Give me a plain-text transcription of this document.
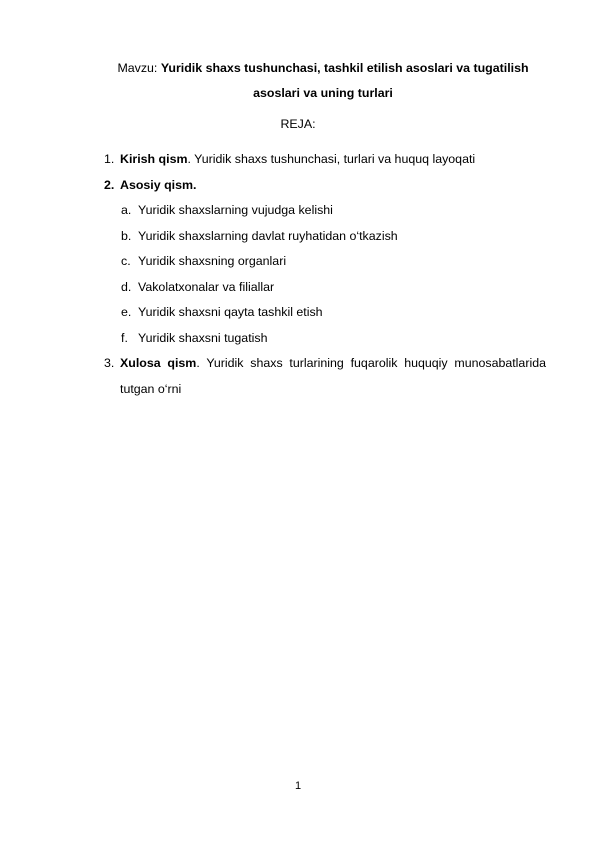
Mavzu: Yuridik shaxs tushunchasi, tashkil etilish asoslari va tugatilish asoslari va uning turlari
REJA:
1. Kirish qism. Yuridik shaxs tushunchasi, turlari va huquq layoqati
2. Asosiy qism.
a. Yuridik shaxslarning vujudga kelishi
b. Yuridik shaxslarning davlat ruyhatidan o‘tkazish
c. Yuridik shaxsning organlari
d. Vakolatxonalar va filiallar
e. Yuridik shaxsni qayta tashkil etish
f. Yuridik shaxsni tugatish
3. Xulosa qism. Yuridik shaxs turlarining fuqarolik huquqiy munosabatlarida tutgan o‘rni
1
